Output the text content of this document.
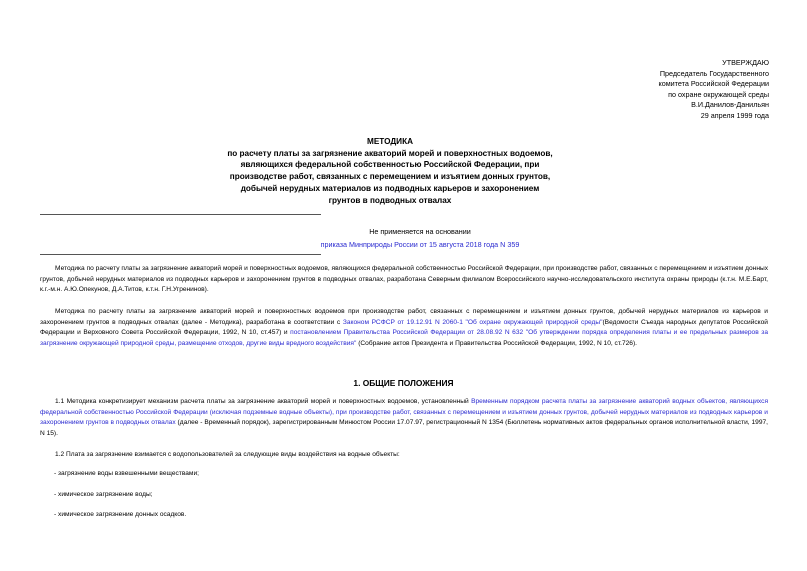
УТВЕРЖДАЮ
Председатель Государственного
комитета Российской Федерации
по охране окружающей среды
В.И.Данилов-Данильян
29 апреля 1999 года
МЕТОДИКА
по расчету платы за загрязнение акваторий морей и поверхностных водоемов,
являющихся федеральной собственностью Российской Федерации, при
производстве работ, связанных с перемещением и изъятием донных грунтов,
добычей нерудных материалов из подводных карьеров и захоронением
грунтов в подводных отвалах
Не применяется на основании
приказа Минприроды России от 15 августа 2018 года N 359
Методика по расчету платы за загрязнение акваторий морей и поверхностных водоемов, являющихся федеральной собственностью Российской Федерации, при производстве работ, связанных с перемещением и изъятием донных грунтов, добычей нерудных материалов из подводных карьеров и захоронением грунтов в подводных отвалах, разработана Северным филиалом Всероссийского научно-исследовательского института охраны природы (к.т.н. М.Е.Барт, к.г.-м.н. А.Ю.Опекунов, Д.А.Титов, к.т.н. Г.Н.Угренинов).
Методика по расчету платы за загрязнение акваторий морей и поверхностных водоемов при производстве работ, связанных с перемещением и изъятием донных грунтов, добычей нерудных материалов из карьеров и захоронением грунтов в подводных отвалах (далее - Методика), разработана в соответствии с Законом РСФСР от 19.12.91 N 2060-1 "Об охране окружающей природной среды"(Ведомости Съезда народных депутатов Российской Федерации и Верховного Совета Российской Федерации, 1992, N 10, ст.457) и постановлением Правительства Российской Федерации от 28.08.92 N 632 "Об утверждении порядка определения платы и ее предельных размеров за загрязнение окружающей природной среды, размещение отходов, другие виды вредного воздействия" (Собрание актов Президента и Правительства Российской Федерации, 1992, N 10, ст.726).
1. ОБЩИЕ ПОЛОЖЕНИЯ
1.1 Методика конкретизирует механизм расчета платы за загрязнение акваторий морей и поверхностных водоемов, установленный Временным порядком расчета платы за загрязнение акваторий водных объектов, являющихся федеральной собственностью Российской Федерации (исключая подземные водные объекты), при производстве работ, связанных с перемещением и изъятием донных грунтов, добычей нерудных материалов из подводных карьеров и захоронением грунтов в подводных отвалах (далее - Временный порядок), зарегистрированным Минюстом России 17.07.97, регистрационный N 1354 (Бюллетень нормативных актов федеральных органов исполнительной власти, 1997, N 15).
1.2 Плата за загрязнение взимается с водопользователей за следующие виды воздействия на водные объекты:
- загрязнение воды взвешенными веществами;
- химическое загрязнение воды;
- химическое загрязнение донных осадков.
